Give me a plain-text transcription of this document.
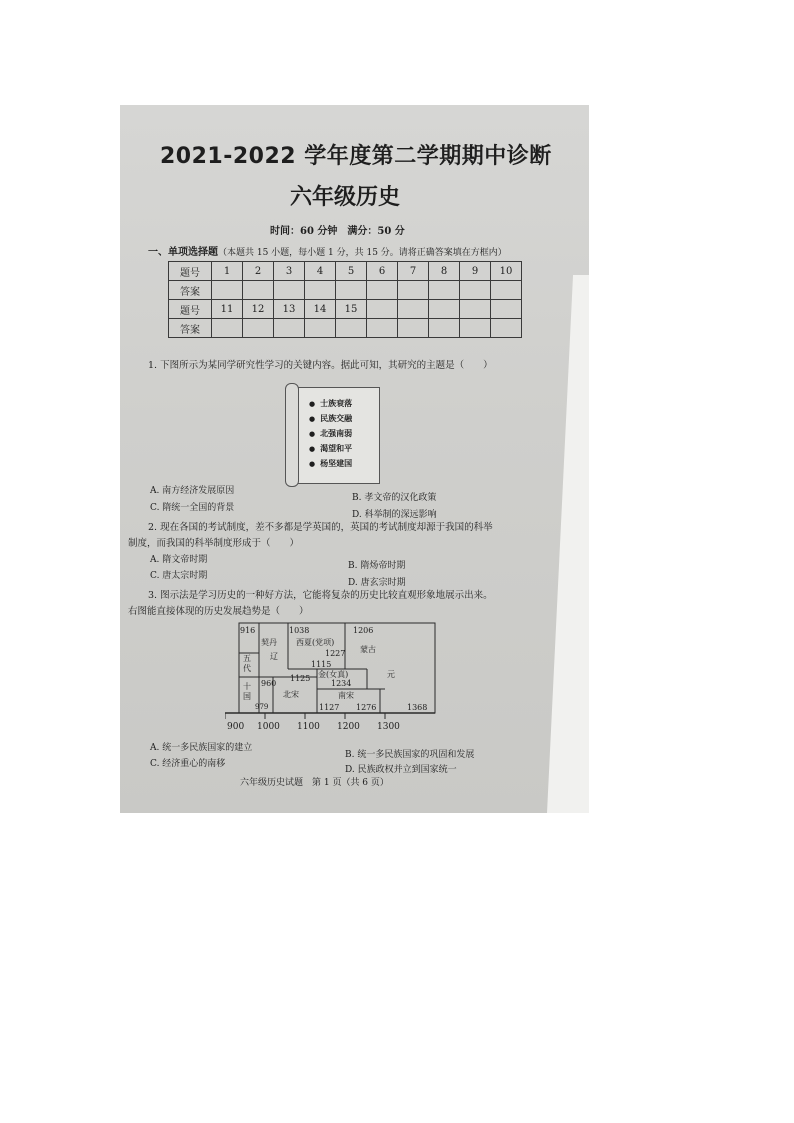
2021-2022 学年度第二学期期中诊断
六年级历史
时间：60 分钟　满分：50 分
一、单项选择题（本题共 15 小题，每小题 1 分，共 15 分。请将正确答案填在方框内）
题号	1	2	3	4	5	6	7	8	9	10
答案										
题号	11	12	13	14	15					
答案										
1. 下图所示为某同学研究性学习的关键内容。据此可知，其研究的主题是（　　）
● 士族衰落
● 民族交融
● 北强南弱
● 渴望和平
● 杨坚建国
A. 南方经济发展原因
B. 孝文帝的汉化政策
C. 隋统一全国的背景
D. 科举制的深远影响
2. 现在各国的考试制度，差不多都是学英国的，英国的考试制度却源于我国的科举
制度，而我国的科举制度形成于（　　）
A. 隋文帝时期
B. 隋炀帝时期
C. 唐太宗时期
D. 唐玄宗时期
3. 图示法是学习历史的一种好方法，它能将复杂的历史比较直观形象地展示出来。
右图能直接体现的历史发展趋势是（　　）
916	1038	1206
契丹
辽
西夏(党项)
1227 蒙古
1115
金(女真)
1125
1234
元
五
代
960
十
国
979
北宋	南宋
1127 1276	1368
900 1000 1100 1200 1300
A. 统一多民族国家的建立
B. 统一多民族国家的巩固和发展
C. 经济重心的南移
D. 民族政权并立到国家统一
六年级历史试题　第 1 页（共 6 页）
